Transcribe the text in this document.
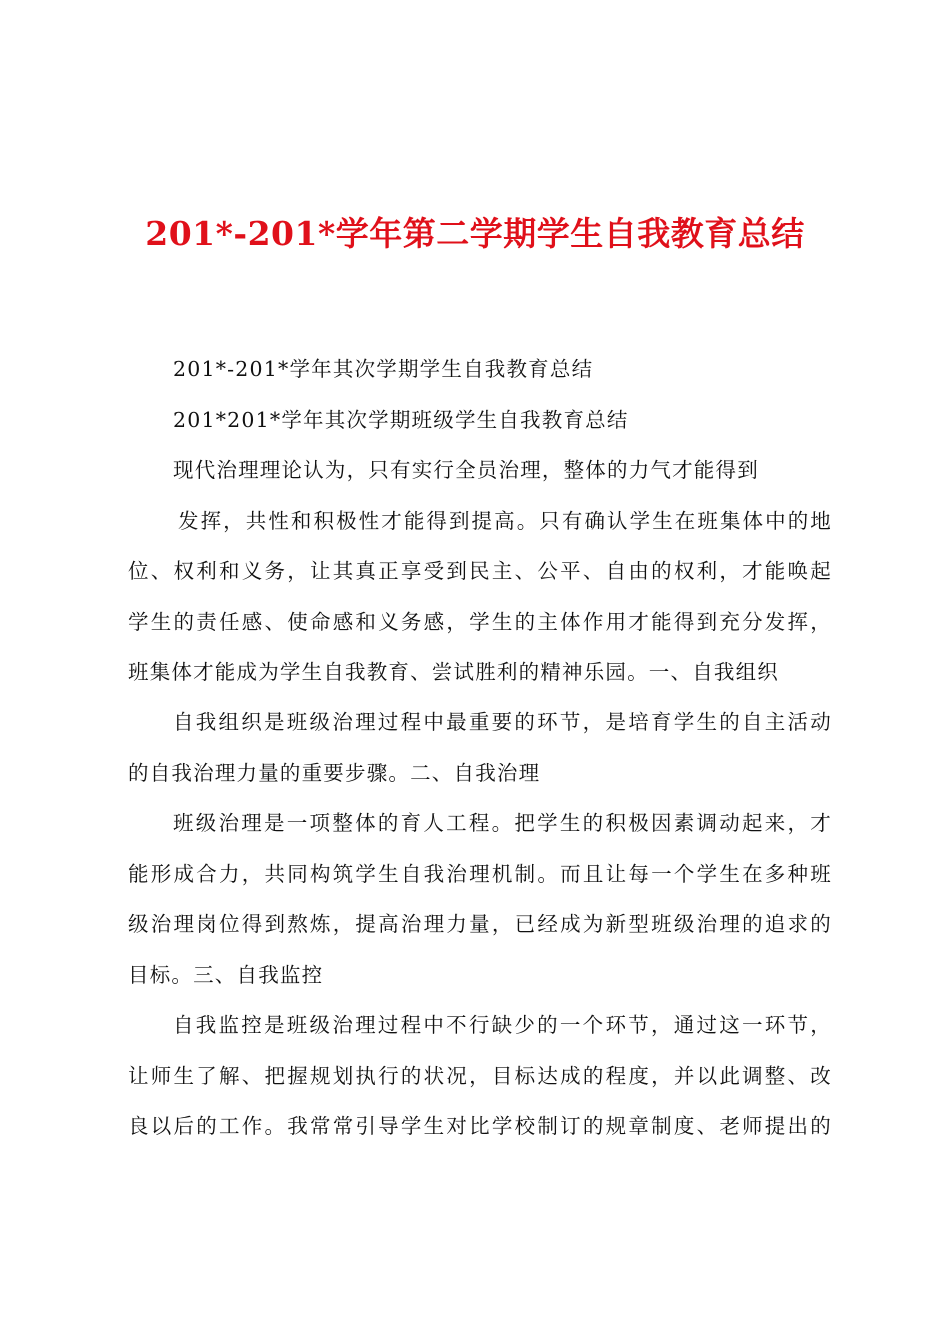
201*-201*学年第二学期学生自我教育总结
201*-201*学年其次学期学生自我教育总结
201*201*学年其次学期班级学生自我教育总结
现代治理理论认为，只有实行全员治理，整体的力气才能得到
发挥，共性和积极性才能得到提高。只有确认学生在班集体中的地
位、权利和义务，让其真正享受到民主、公平、自由的权利，才能唤起
学生的责任感、使命感和义务感，学生的主体作用才能得到充分发挥，
班集体才能成为学生自我教育、尝试胜利的精神乐园。一、自我组织
自我组织是班级治理过程中最重要的环节，是培育学生的自主活动
的自我治理力量的重要步骤。二、自我治理
班级治理是一项整体的育人工程。把学生的积极因素调动起来，才
能形成合力，共同构筑学生自我治理机制。而且让每一个学生在多种班
级治理岗位得到熬炼，提高治理力量，已经成为新型班级治理的追求的
目标。三、自我监控
自我监控是班级治理过程中不行缺少的一个环节，通过这一环节，
让师生了解、把握规划执行的状况，目标达成的程度，并以此调整、改
良以后的工作。我常常引导学生对比学校制订的规章制度、老师提出的
